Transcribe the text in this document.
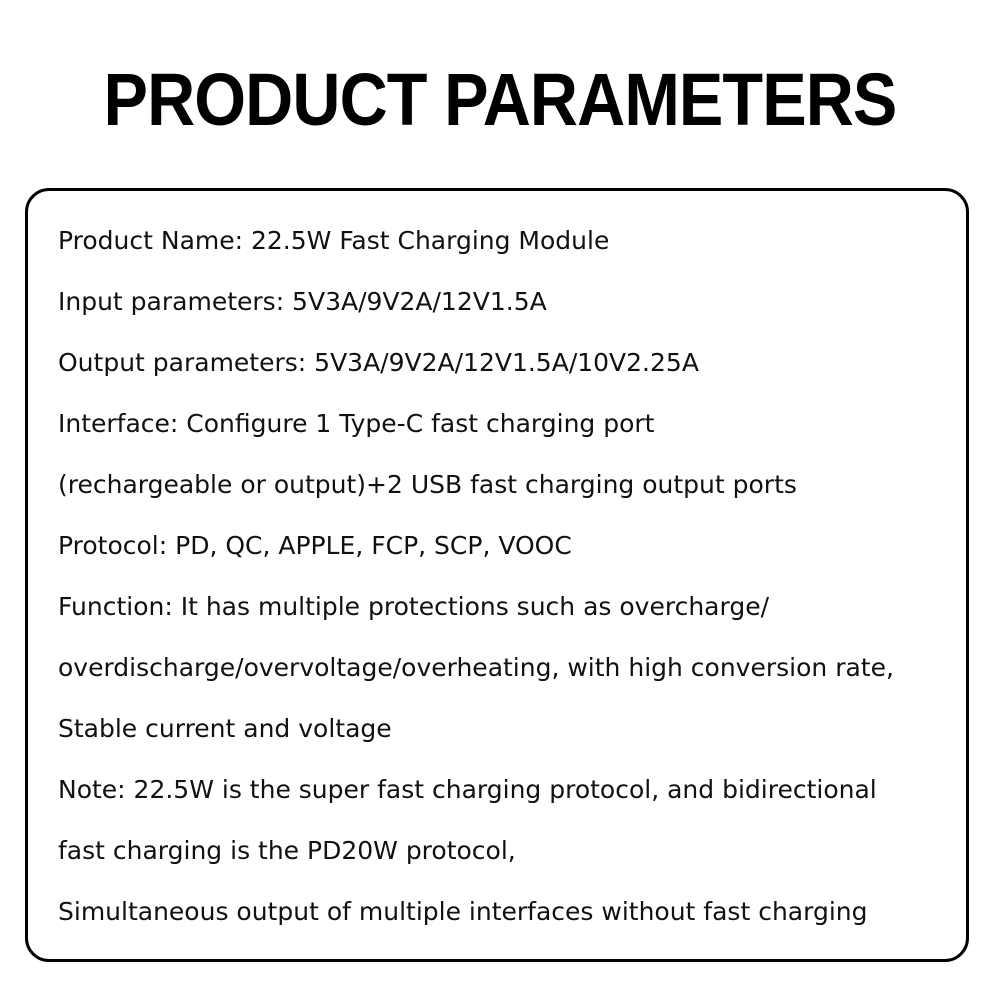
PRODUCT PARAMETERS
Product Name: 22.5W Fast Charging Module
Input parameters: 5V3A/9V2A/12V1.5A
Output parameters: 5V3A/9V2A/12V1.5A/10V2.25A
Interface: Configure 1 Type-C fast charging port
(rechargeable or output)+2 USB fast charging output ports
Protocol: PD, QC, APPLE, FCP, SCP, VOOC
Function: It has multiple protections such as overcharge/
overdischarge/overvoltage/overheating, with high conversion rate,
Stable current and voltage
Note: 22.5W is the super fast charging protocol, and bidirectional
fast charging is the PD20W protocol,
Simultaneous output of multiple interfaces without fast charging
